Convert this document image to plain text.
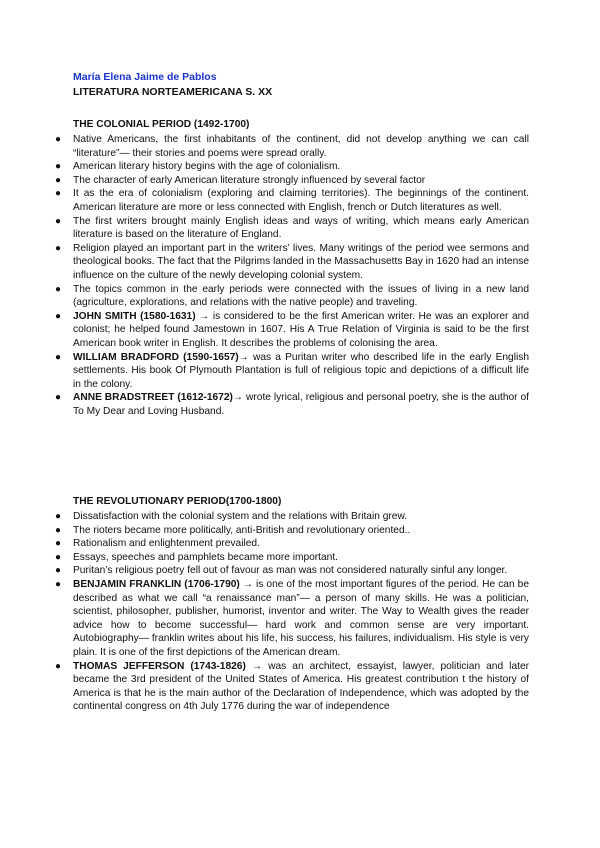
María Elena Jaime de Pablos
LITERATURA NORTEAMERICANA S. XX
THE COLONIAL PERIOD (1492-1700)
● Native Americans, the first inhabitants of the continent, did not develop anything we can call “literature”— their stories and poems were spread orally.
● American literary history begins with the age of colonialism.
● The character of early American literature strongly influenced by several factor
● It as the era of colonialism (exploring and claiming territories). The beginnings of the continent. American literature are more or less connected with English, french or Dutch literatures as well.
● The first writers brought mainly English ideas and ways of writing, which means early American literature is based on the literature of England.
● Religion played an important part in the writers’ lives. Many writings of the period wee sermons and theological books. The fact that the Pilgrims landed in the Massachusetts Bay in 1620 had an intense influence on the culture of the newly developing colonial system.
● The topics common in the early periods were connected with the issues of living in a new land (agriculture, explorations, and relations with the native people) and traveling.
● JOHN SMITH (1580-1631) → is considered to be the first American writer. He was an explorer and colonist; he helped found Jamestown in 1607. His A True Relation of Virginia is said to be the first American book writer in English. It describes the problems of colonising the area.
● WILLIAM BRADFORD (1590-1657)→ was a Puritan writer who described life in the early English settlements. His book Of Plymouth Plantation is full of religious topic and depictions of a difficult life in the colony.
● ANNE BRADSTREET (1612-1672)→ wrote lyrical, religious and personal poetry, she is the author of To My Dear and Loving Husband.
THE REVOLUTIONARY PERIOD(1700-1800)
● Dissatisfaction with the colonial system and the relations with Britain grew.
● The rioters became more politically, anti-British and revolutionary oriented..
● Rationalism and enlightenment prevailed.
● Essays, speeches and pamphlets became more important.
● Puritan’s religious poetry fell out of favour as man was not considered naturally sinful any longer.
● BENJAMIN FRANKLIN (1706-1790) → is one of the most important figures of the period. He can be described as what we call “a renaissance man”— a person of many skills. He was a politician, scientist, philosopher, publisher, humorist, inventor and writer. The Way to Wealth gives the reader advice how to become successful— hard work and common sense are very important. Autobiography— franklin writes about his life, his success, his failures, individualism. His style is very plain. It is one of the first depictions of the American dream.
● THOMAS JEFFERSON (1743-1826) → was an architect, essayist, lawyer, politician and later became the 3rd president of the United States of America. His greatest contribution t the history of America is that he is the main author of the Declaration of Independence, which was adopted by the continental congress on 4th July 1776 during the war of independence
